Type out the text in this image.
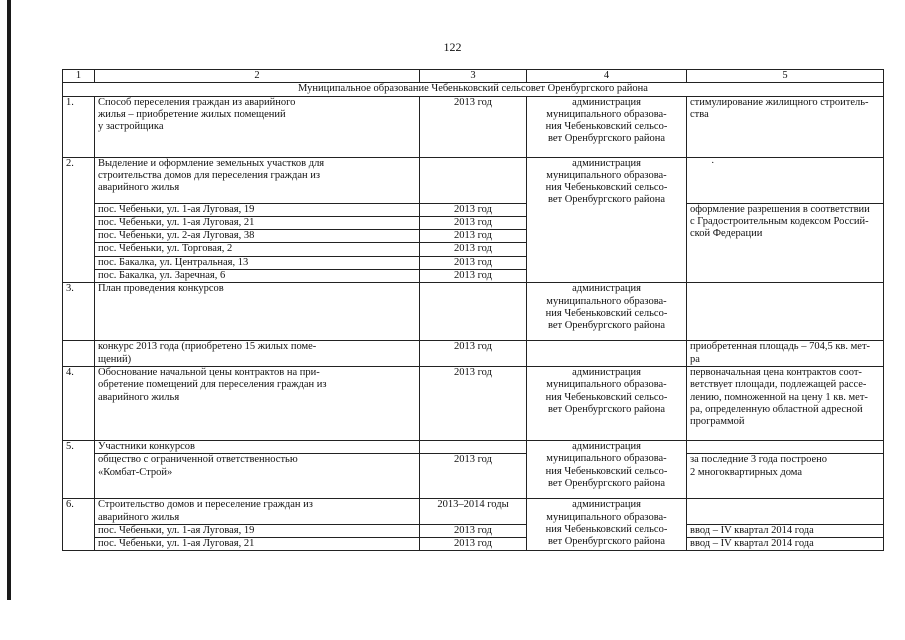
122
1	2	3	4	5
Муниципальное образование Чебеньковский сельсовет Оренбургского района				
1.	Способ переселения граждан из аварийного
жилья – приобретение жилых помещений
у застройщика	2013 год	администрация
муниципального образова-
ния Чебеньковский сельсо-
вет Оренбургского района	стимулирование жилищного строитель-
ства
2.	Выделение и оформление земельных участков для
строительства домов для переселения граждан из
аварийного жилья		администрация
муниципального образова-
ния Чебеньковский сельсо-
вет Оренбургского района	·
	пос. Чебеньки, ул. 1-ая Луговая, 19	2013 год		оформление разрешения в соответствии
с Градостроительным кодексом Россий-
ской Федерации
	пос. Чебеньки, ул. 1-ая Луговая, 21	2013 год		
	пос. Чебеньки, ул. 2-ая Луговая, 38	2013 год		
	пос. Чебеньки, ул. Торговая, 2	2013 год		
	пос. Бакалка, ул. Центральная, 13	2013 год		
	пос. Бакалка, ул. Заречная, 6	2013 год		
3.	План проведения конкурсов		администрация
муниципального образова-
ния Чебеньковский сельсо-
вет Оренбургского района	
	конкурс 2013 года (приобретено 15 жилых поме-
щений)	2013 год		приобретенная площадь – 704,5 кв. мет-
ра
4.	Обоснование начальной цены контрактов на при-
обретение помещений для переселения граждан из
аварийного жилья	2013 год	администрация
муниципального образова-
ния Чебеньковский сельсо-
вет Оренбургского района	первоначальная цена контрактов соот-
ветствует площади, подлежащей рассе-
лению, помноженной на цену 1 кв. мет-
ра, определенную областной адресной
программой
5.	Участники конкурсов		администрация
муниципального образова-
ния Чебеньковский сельсо-
вет Оренбургского района	
	общество с ограниченной ответственностью
«Комбат-Строй»	2013 год		за последние 3 года построено
2 многоквартирных дома
6.	Строительство домов и переселение граждан из
аварийного жилья	2013–2014 годы	администрация
муниципального образова-
ния Чебеньковский сельсо-
вет Оренбургского района	
	пос. Чебеньки, ул. 1-ая Луговая, 19	2013 год		ввод – IV квартал 2014 года
	пос. Чебеньки, ул. 1-ая Луговая, 21	2013 год		ввод – IV квартал 2014 года
